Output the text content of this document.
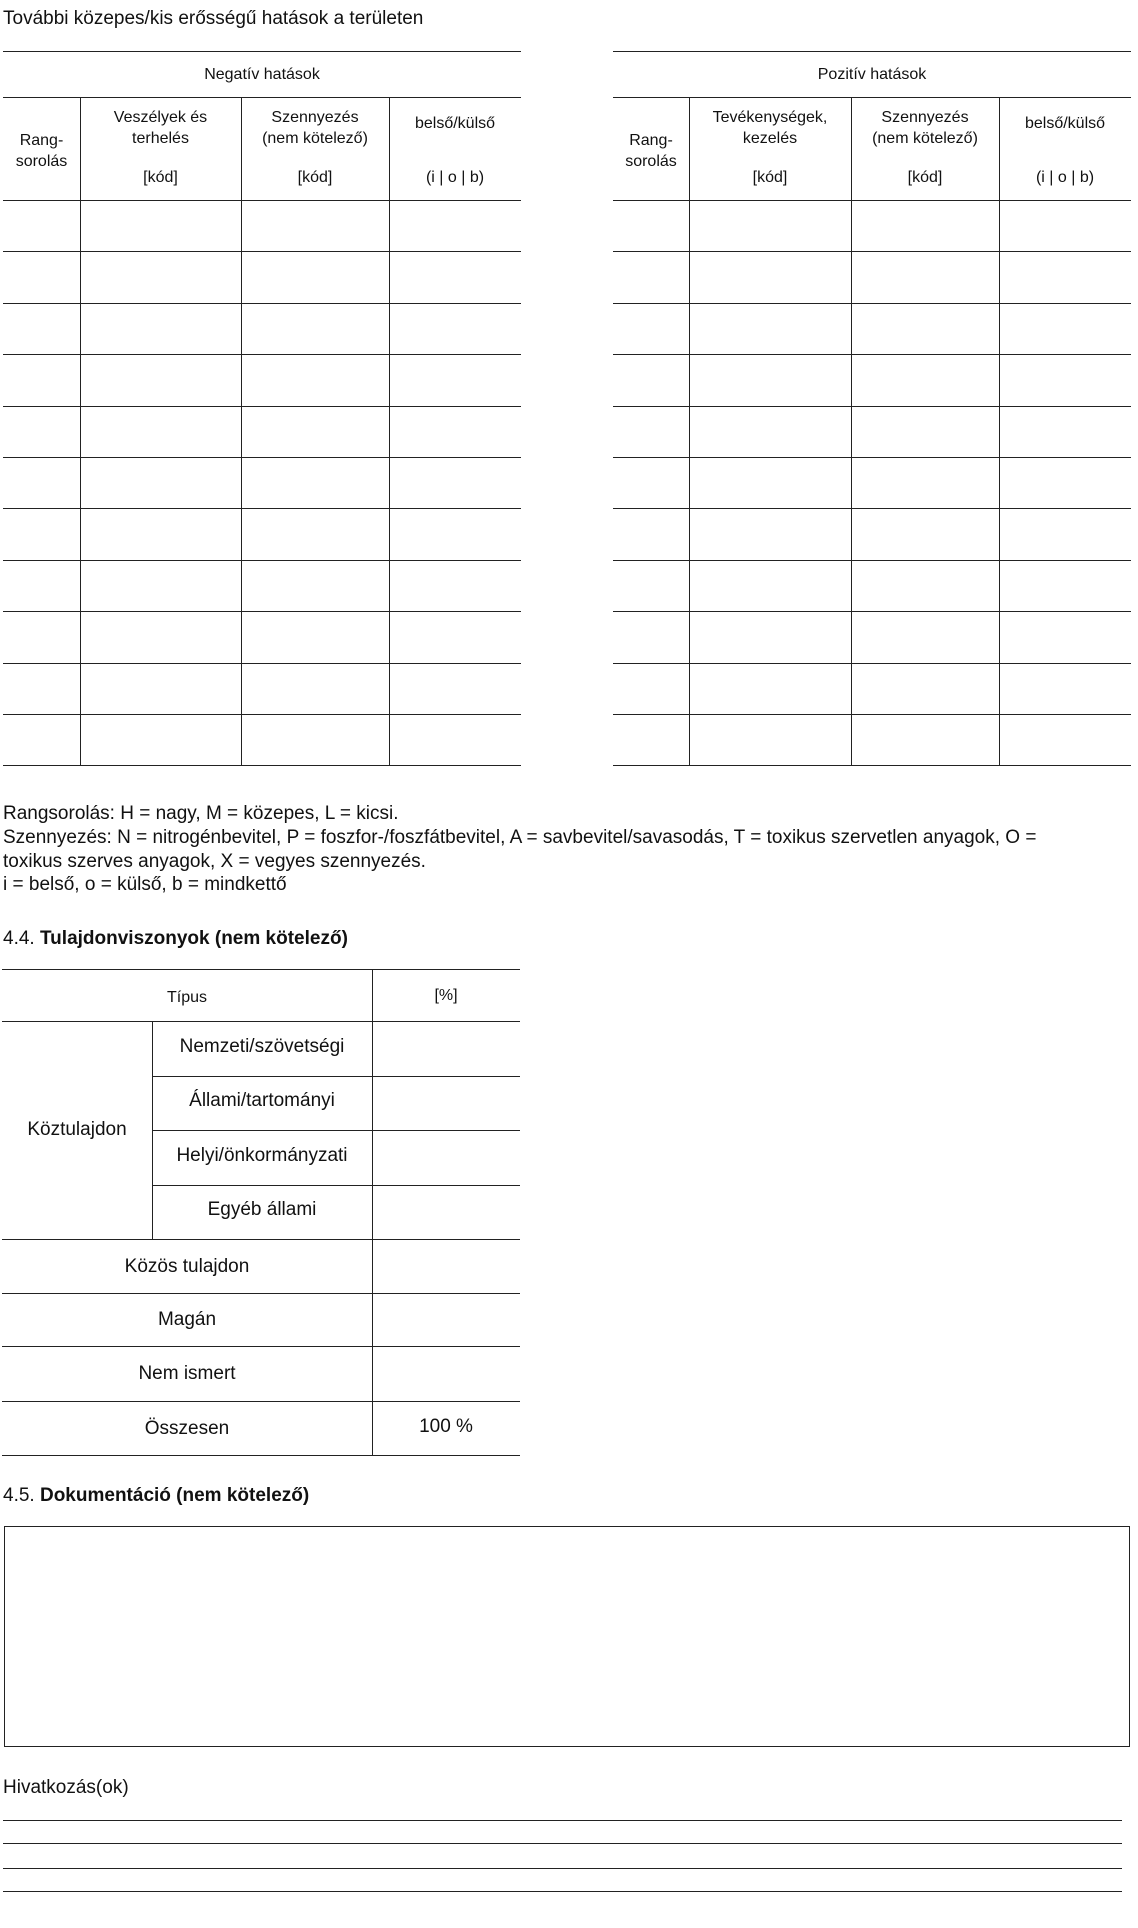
További közepes/kis erősségű hatások a területen
Negatív hatások
Rang-
sorolás
Veszélyek és
terhelés
[kód]
Szennyezés
(nem kötelező)
[kód]
belső/külső
(i | o | b)
Pozitív hatások
Rang-
sorolás
Tevékenységek,
kezelés
[kód]
Szennyezés
(nem kötelező)
[kód]
belső/külső
(i | o | b)
Rangsorolás: H = nagy, M = közepes, L = kicsi.
Szennyezés: N = nitrogénbevitel, P = foszfor-/foszfátbevitel, A = savbevitel/savasodás, T = toxikus szervetlen anyagok, O =
toxikus szerves anyagok, X = vegyes szennyezés.
i = belső, o = külső, b = mindkettő
4.4. Tulajdonviszonyok (nem kötelező)
Típus	[%]
Köztulajdon
Nemzeti/szövetségi
Állami/tartományi
Helyi/önkormányzati
Egyéb állami
Közös tulajdon
Magán
Nem ismert
Összesen	100 %
4.5. Dokumentáció (nem kötelező)
Hivatkozás(ok)
